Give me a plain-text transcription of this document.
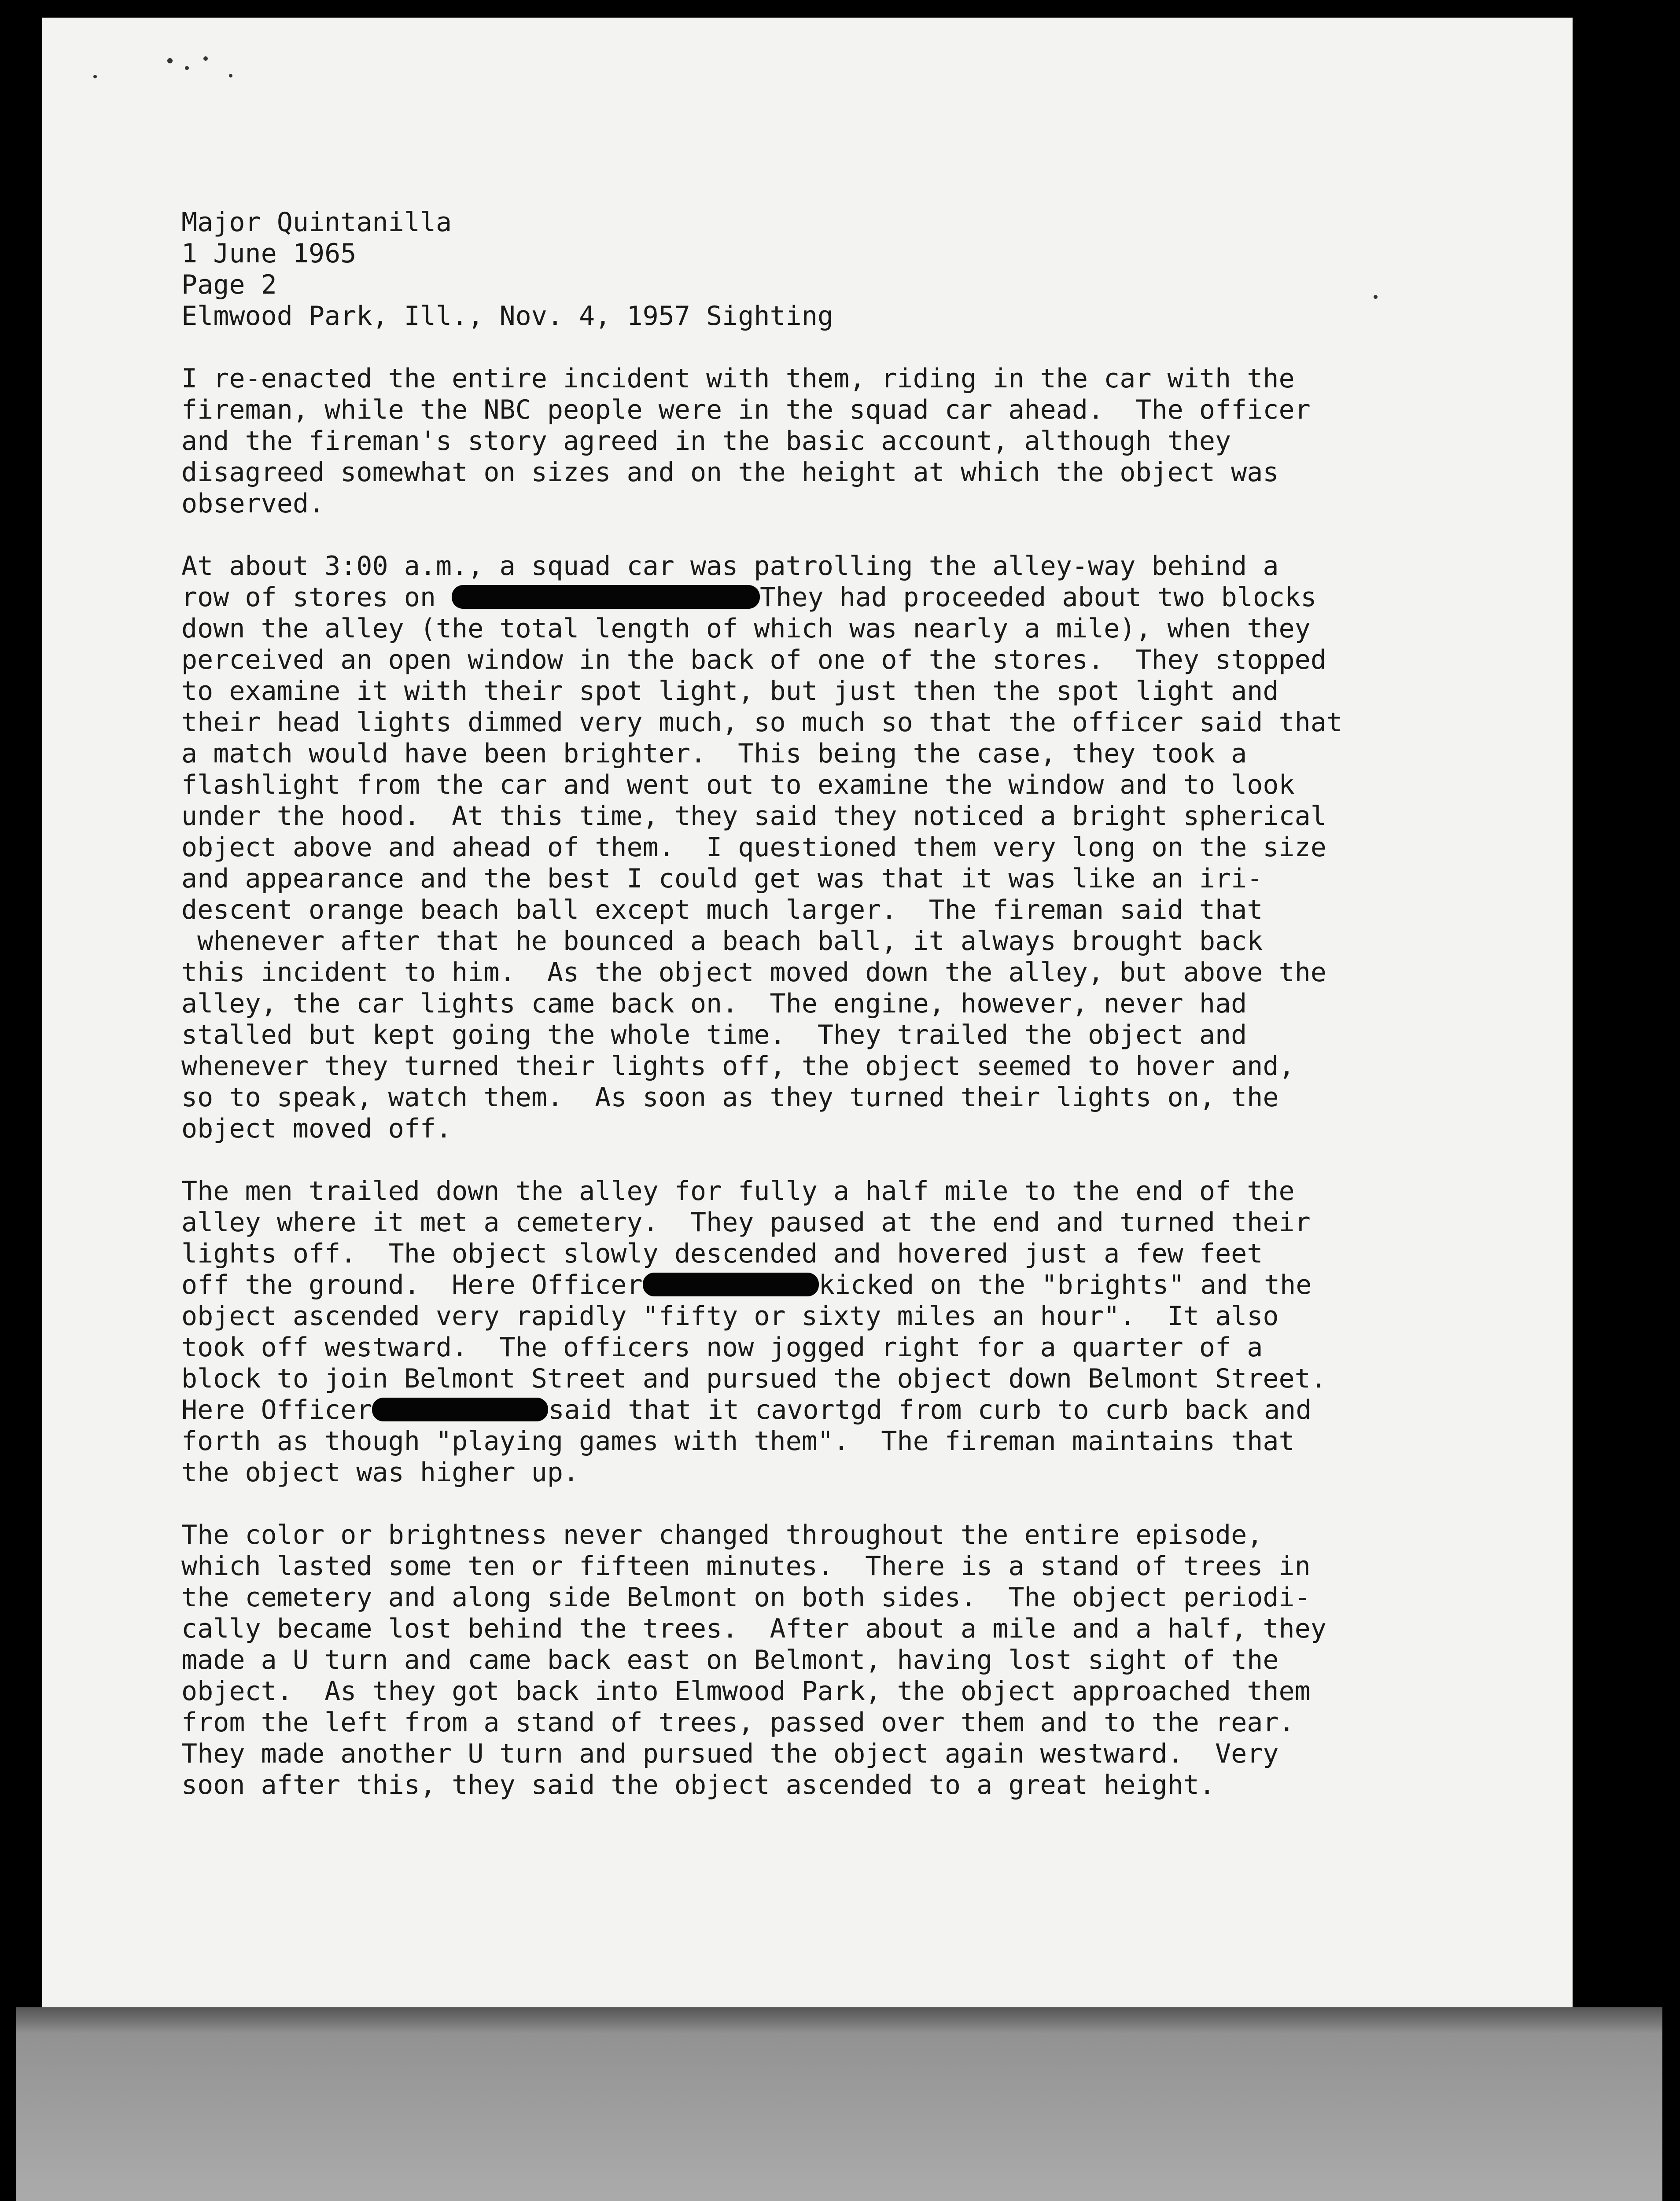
Major Quintanilla
1 June 1965
Page 2
Elmwood Park, Ill., Nov. 4, 1957 Sighting
I re-enacted the entire incident with them, riding in the car with the
fireman, while the NBC people were in the squad car ahead.  The officer
and the fireman's story agreed in the basic account, although they
disagreed somewhat on sizes and on the height at which the object was
observed.
At about 3:00 a.m., a squad car was patrolling the alley-way behind a
row of stores on	They had proceeded about two blocks
down the alley (the total length of which was nearly a mile), when they
perceived an open window in the back of one of the stores.  They stopped
to examine it with their spot light, but just then the spot light and
their head lights dimmed very much, so much so that the officer said that
a match would have been brighter.  This being the case, they took a
flashlight from the car and went out to examine the window and to look
under the hood.  At this time, they said they noticed a bright spherical
object above and ahead of them.  I questioned them very long on the size
and appearance and the best I could get was that it was like an iri-
descent orange beach ball except much larger.  The fireman said that
whenever after that he bounced a beach ball, it always brought back
this incident to him.  As the object moved down the alley, but above the
alley, the car lights came back on.  The engine, however, never had
stalled but kept going the whole time.  They trailed the object and
whenever they turned their lights off, the object seemed to hover and,
so to speak, watch them.  As soon as they turned their lights on, the
object moved off.
The men trailed down the alley for fully a half mile to the end of the
alley where it met a cemetery.  They paused at the end and turned their
lights off.  The object slowly descended and hovered just a few feet
off the ground.  Here Officer	kicked on the "brights" and the
object ascended very rapidly "fifty or sixty miles an hour".  It also
took off westward.  The officers now jogged right for a quarter of a
block to join Belmont Street and pursued the object down Belmont Street.
Here Officer	said that it cavortgd from curb to curb back and
forth as though "playing games with them".  The fireman maintains that
the object was higher up.
The color or brightness never changed throughout the entire episode,
which lasted some ten or fifteen minutes.  There is a stand of trees in
the cemetery and along side Belmont on both sides.  The object periodi-
cally became lost behind the trees.  After about a mile and a half, they
made a U turn and came back east on Belmont, having lost sight of the
object.  As they got back into Elmwood Park, the object approached them
from the left from a stand of trees, passed over them and to the rear.
They made another U turn and pursued the object again westward.  Very
soon after this, they said the object ascended to a great height.
